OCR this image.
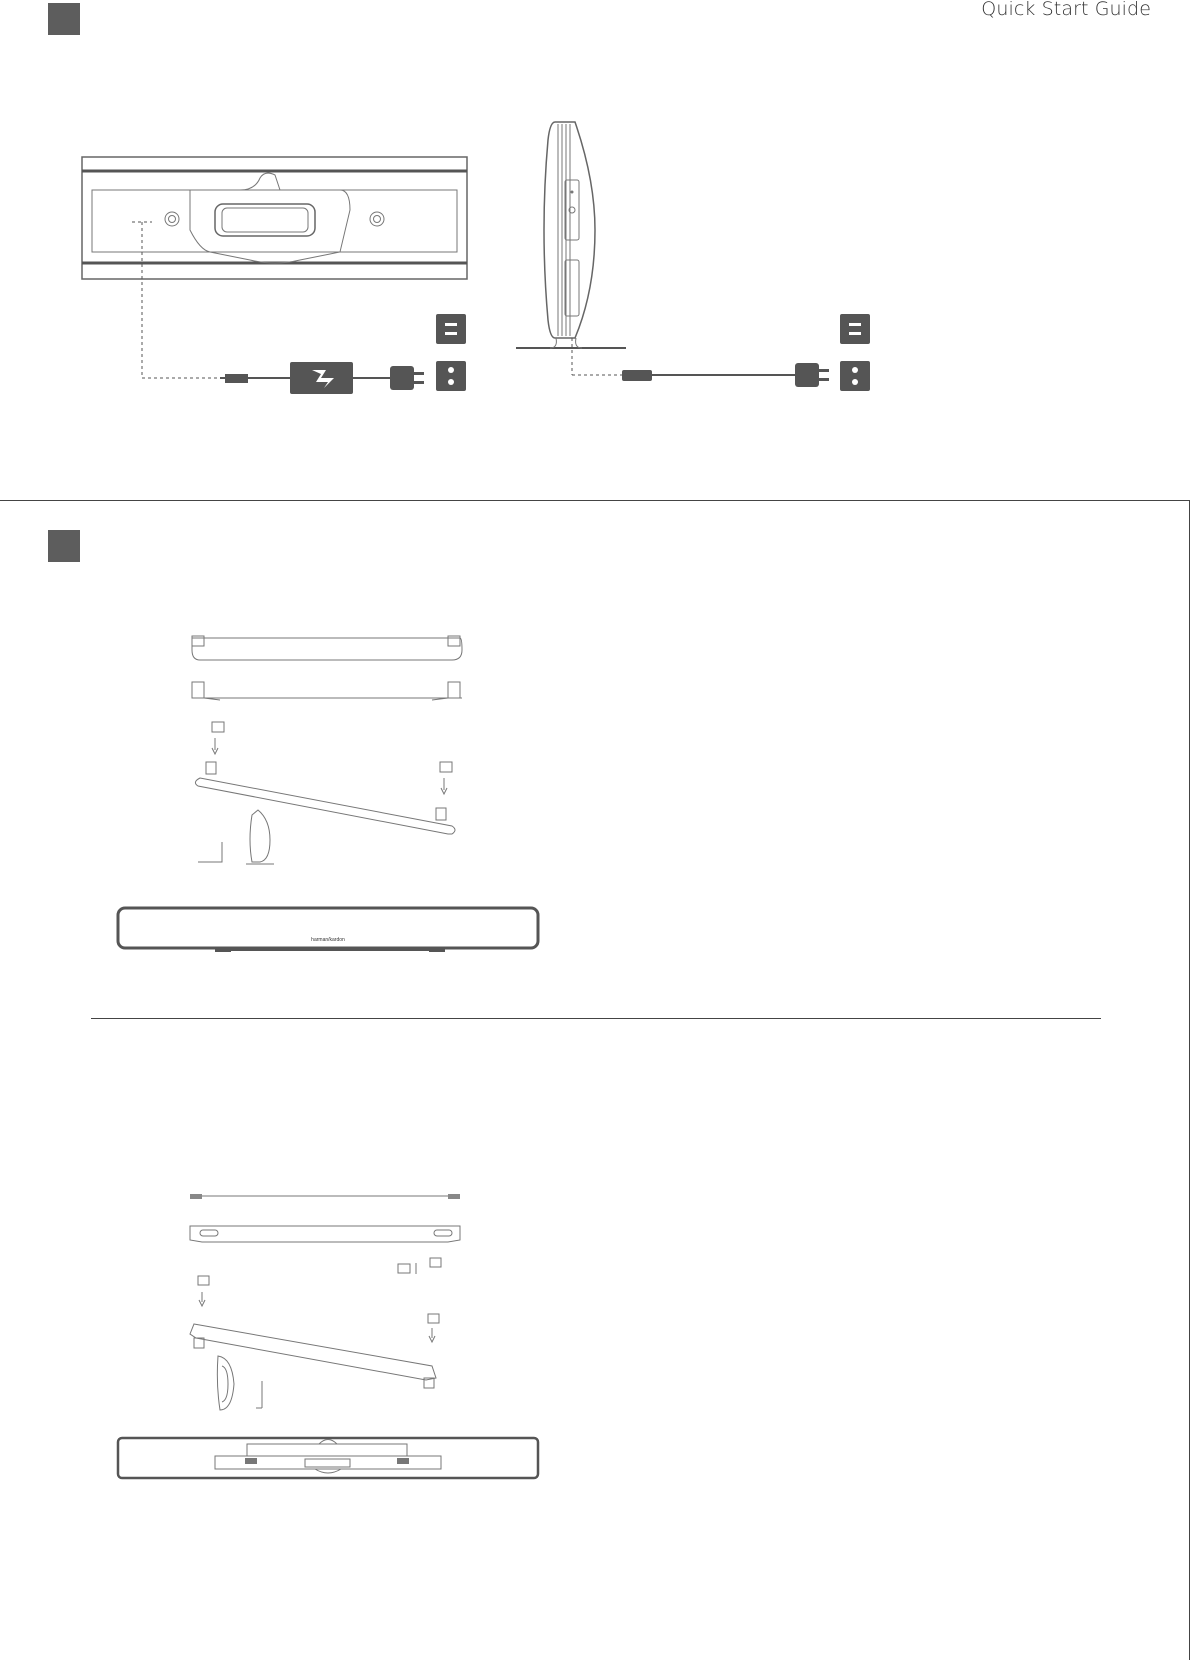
Quick Start Guide
harman/kardon
